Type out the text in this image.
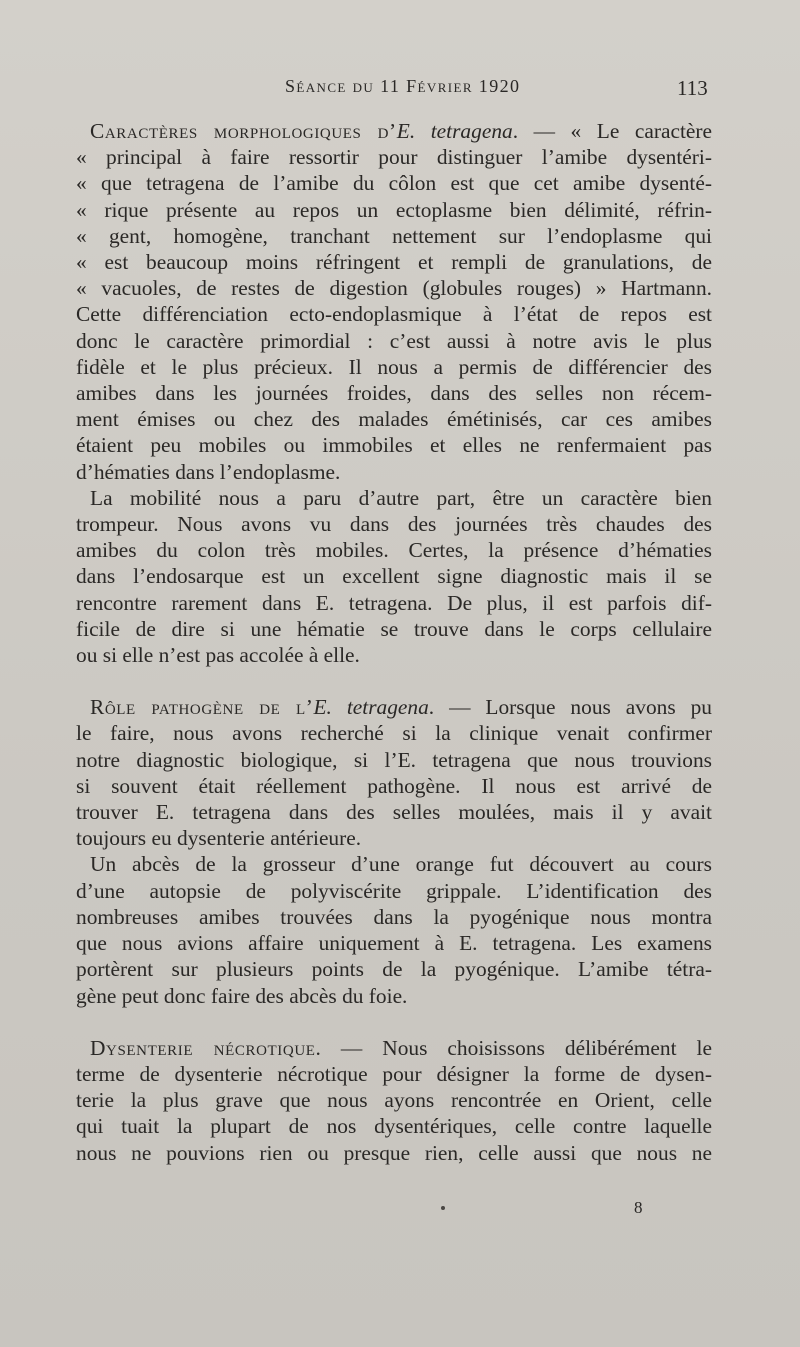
Séance du 11 Février 1920	113
Caractères morphologiques d’E. tetragena. — « Le caractère
« principal à faire ressortir pour distinguer l’amibe dysentéri-
« que tetragena de l’amibe du côlon est que cet amibe dysenté-
« rique présente au repos un ectoplasme bien délimité, réfrin-
« gent, homogène, tranchant nettement sur l’endoplasme qui
« est beaucoup moins réfringent et rempli de granulations, de
« vacuoles, de restes de digestion (globules rouges) » Hartmann.
Cette différenciation ecto-endoplasmique à l’état de repos est
donc le caractère primordial : c’est aussi à notre avis le plus
fidèle et le plus précieux. Il nous a permis de différencier des
amibes dans les journées froides, dans des selles non récem-
ment émises ou chez des malades émétinisés, car ces amibes
étaient peu mobiles ou immobiles et elles ne renfermaient pas
d’hématies dans l’endoplasme.
La mobilité nous a paru d’autre part, être un caractère bien
trompeur. Nous avons vu dans des journées très chaudes des
amibes du colon très mobiles. Certes, la présence d’hématies
dans l’endosarque est un excellent signe diagnostic mais il se
rencontre rarement dans E. tetragena. De plus, il est parfois dif-
ficile de dire si une hématie se trouve dans le corps cellulaire
ou si elle n’est pas accolée à elle.
Rôle pathogène de l’E. tetragena. — Lorsque nous avons pu
le faire, nous avons recherché si la clinique venait confirmer
notre diagnostic biologique, si l’E. tetragena que nous trouvions
si souvent était réellement pathogène. Il nous est arrivé de
trouver E. tetragena dans des selles moulées, mais il y avait
toujours eu dysenterie antérieure.
Un abcès de la grosseur d’une orange fut découvert au cours
d’une autopsie de polyviscérite grippale. L’identification des
nombreuses amibes trouvées dans la pyogénique nous montra
que nous avions affaire uniquement à E. tetragena. Les examens
portèrent sur plusieurs points de la pyogénique. L’amibe tétra-
gène peut donc faire des abcès du foie.
Dysenterie nécrotique. — Nous choisissons délibérément le
terme de dysenterie nécrotique pour désigner la forme de dysen-
terie la plus grave que nous ayons rencontrée en Orient, celle
qui tuait la plupart de nos dysentériques, celle contre laquelle
nous ne pouvions rien ou presque rien, celle aussi que nous ne
8
